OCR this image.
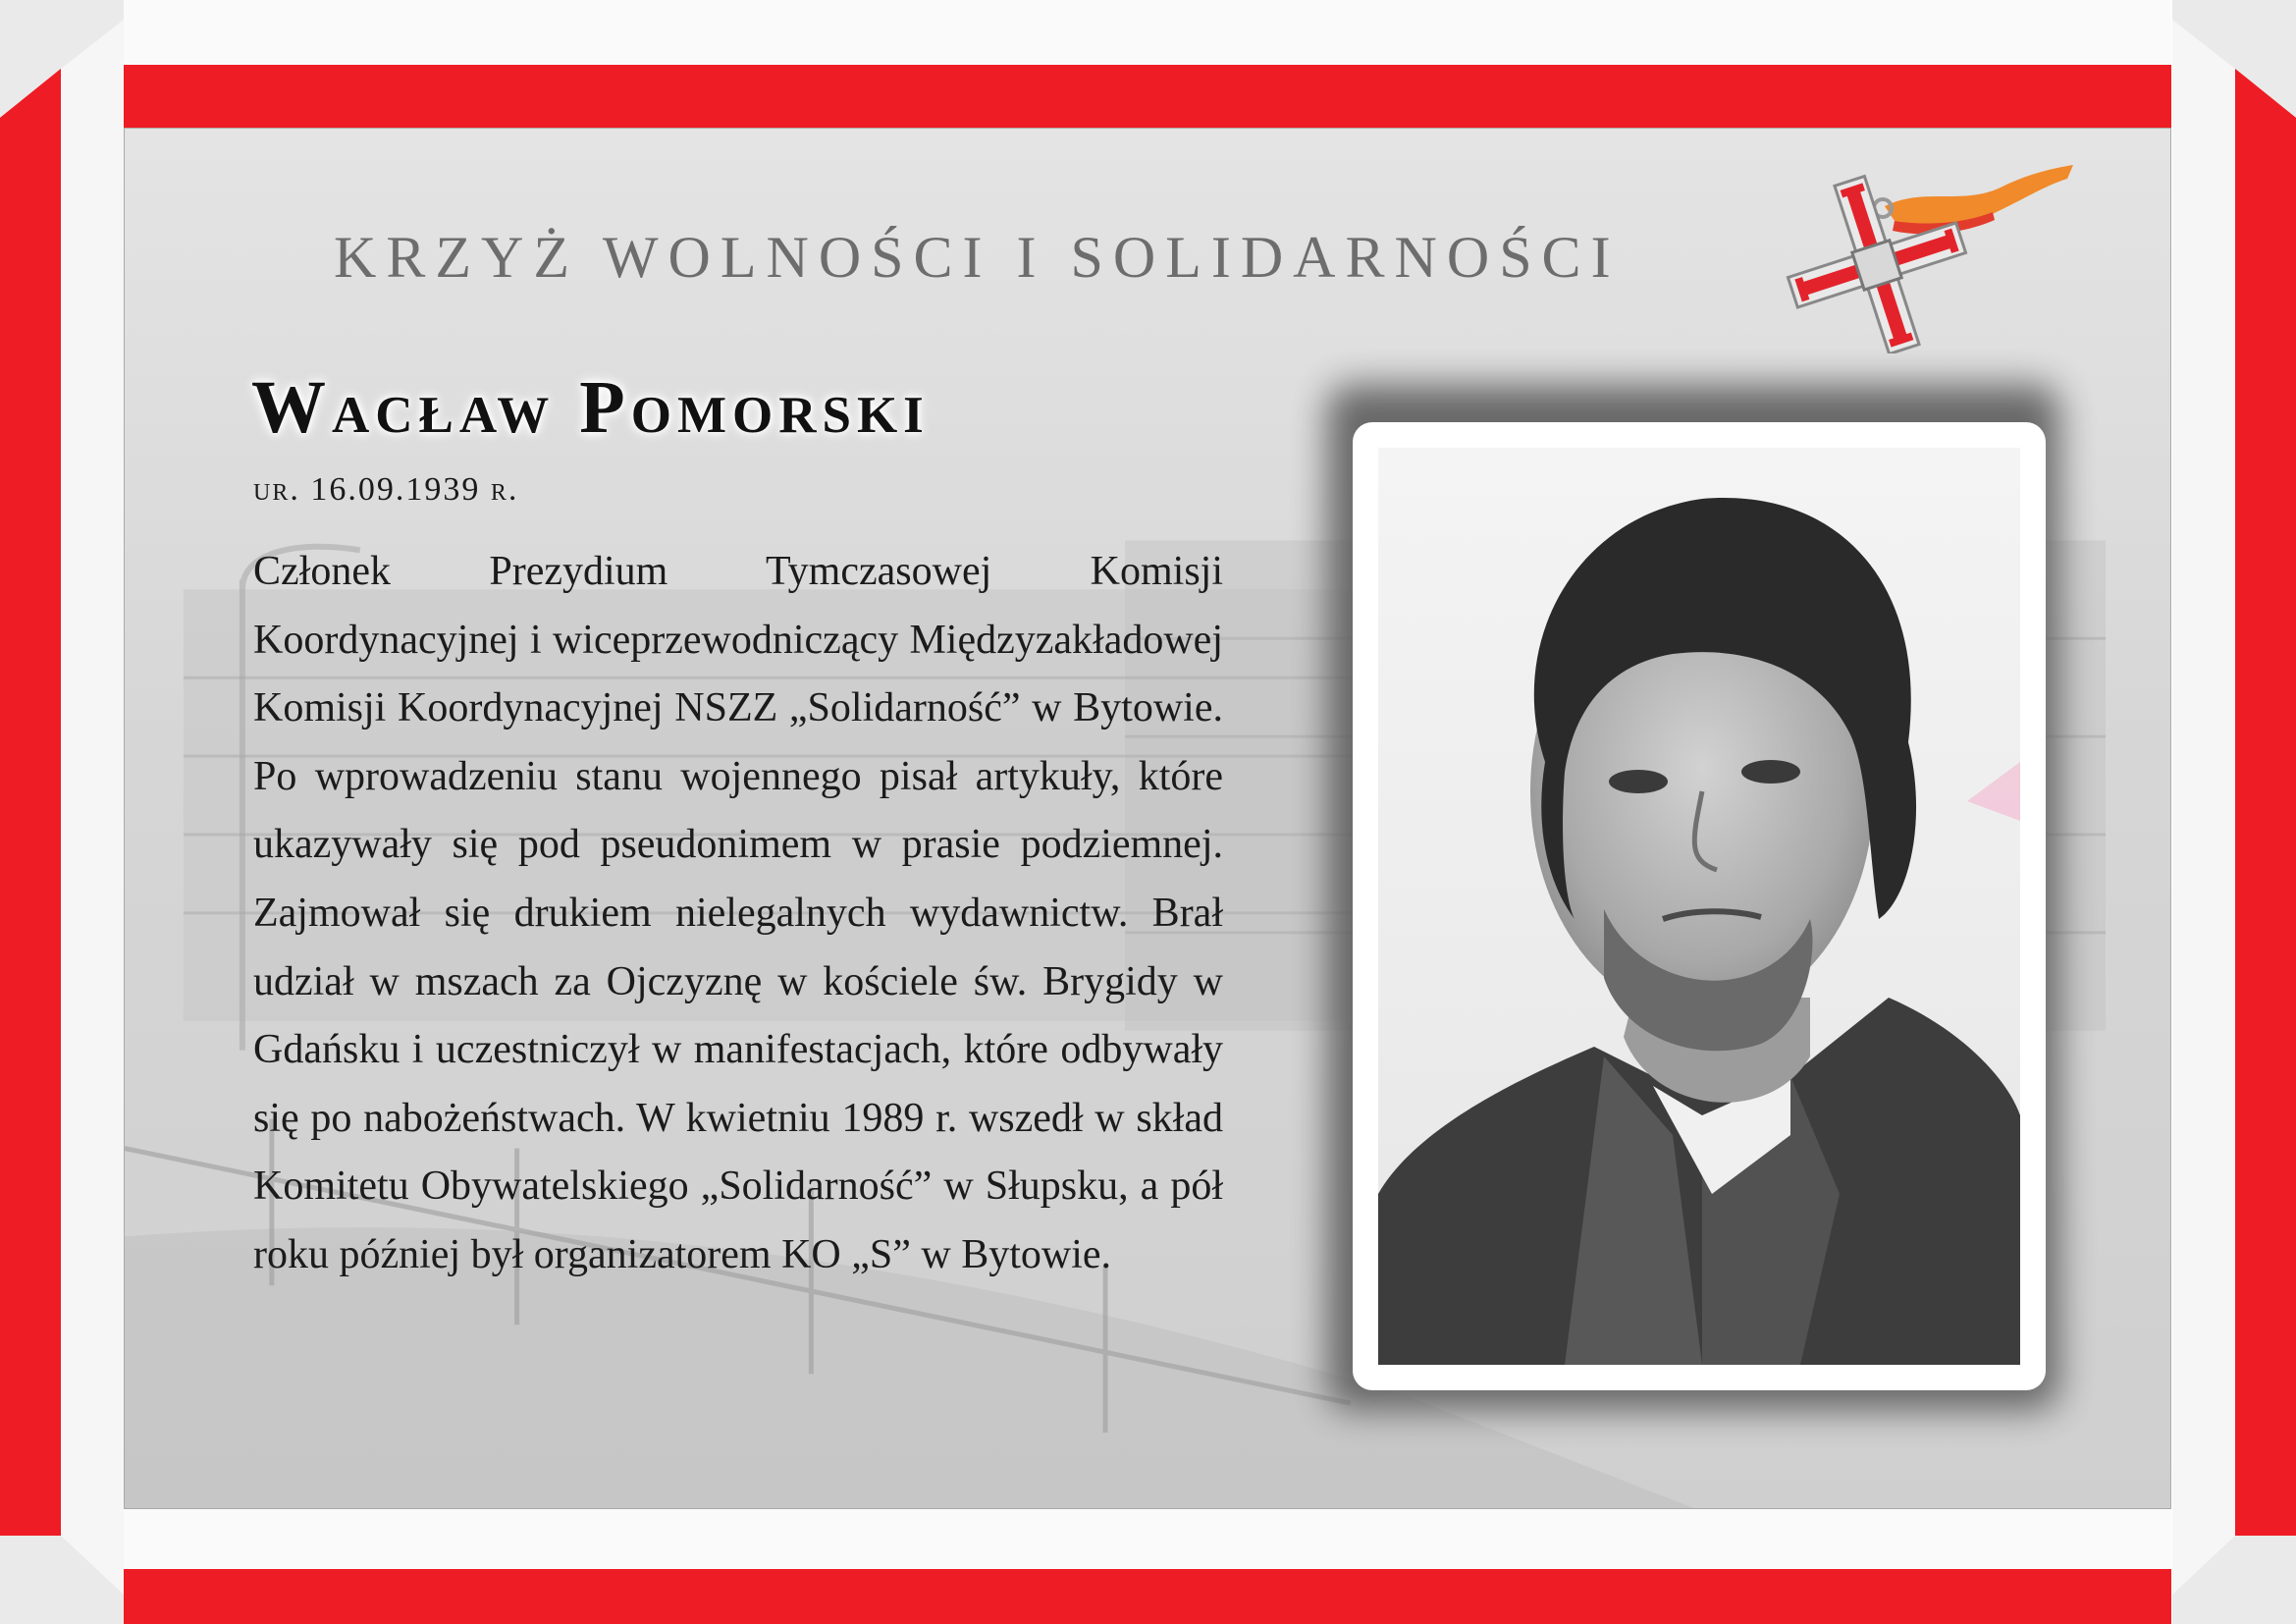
KRZYŻ WOLNOŚCI I SOLIDARNOŚCI
Wacław Pomorski
ur. 16.09.1939 r.

Członek Prezydium Tymczasowej Komisji Koordynacyjnej i wiceprzewodniczący Międzyzakładowej Komisji Koordynacyjnej NSZZ „Solidarność” w Bytowie. Po wprowadzeniu stanu wojennego pisał artykuły, które ukazywały się pod pseudonimem w prasie podziemnej. Zajmował się drukiem nielegalnych wydawnictw. Brał udział w mszach za Ojczyznę w kościele św. Brygidy w Gdańsku i uczestniczył w manifestacjach, które odbywały się po nabożeństwach. W kwietniu 1989 r. wszedł w skład Komitetu Obywatelskiego „Solidarność” w Słupsku, a pół roku później był organizatorem KO „S” w Bytowie.
